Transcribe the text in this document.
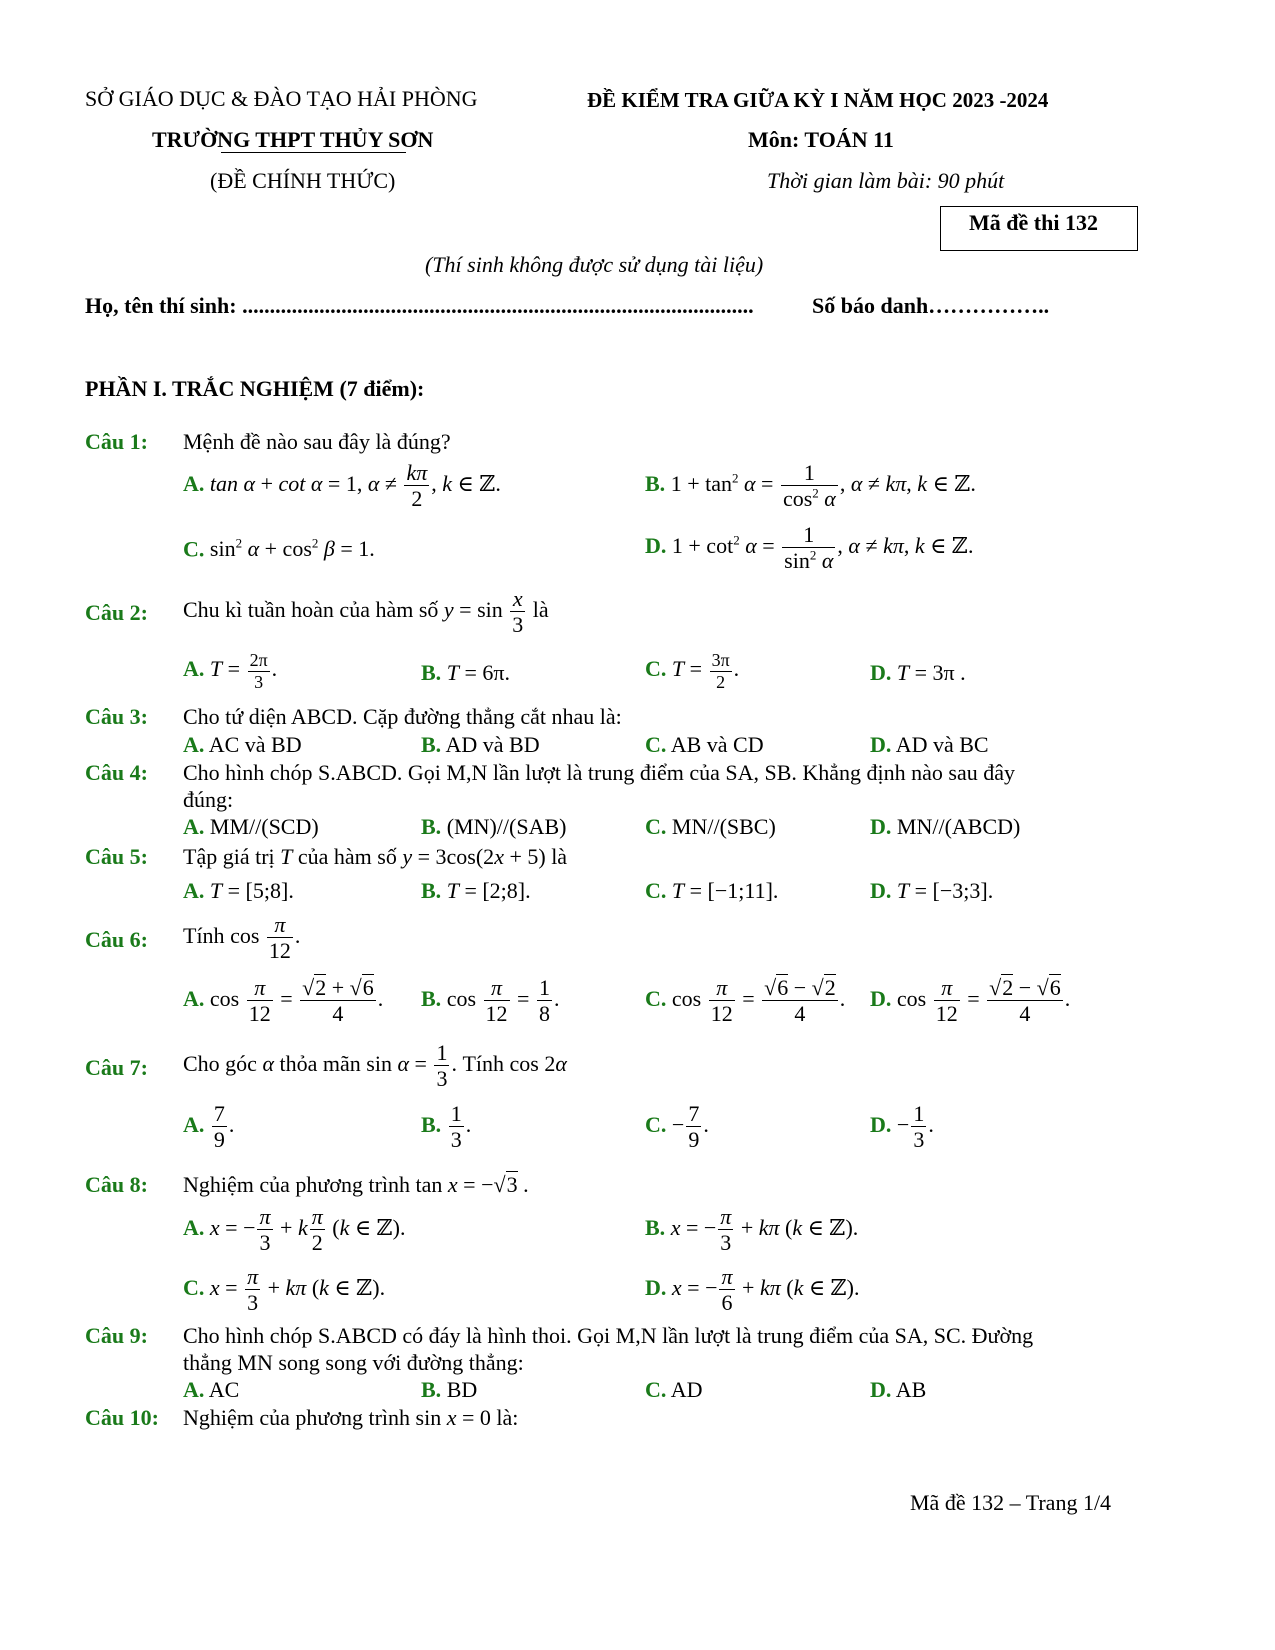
SỞ GIÁO DỤC & ĐÀO TẠO HẢI PHÒNG	ĐỀ KIỂM TRA GIỮA KỲ I NĂM HỌC 2023 -2024
TRƯỜNG THPT THỦY SƠN	Môn: TOÁN 11
(ĐỀ CHÍNH THỨC)	Thời gian làm bài: 90 phút
Mã đề thi 132
(Thí sinh không được sử dụng tài liệu)
Họ, tên thí sinh: .............................................................................................	Số báo danh……………..
PHẦN I. TRẮC NGHIỆM (7 điểm):
Câu 1: Mệnh đề nào sau đây là đúng?
A. tan α + cot α = 1, $\alpha \ne \frac{k\pi}{2}$ , k ∈ ℤ.	B. $1 + \tan^2 \alpha = \frac{1}{\cos^2 \alpha}$ , α ≠ kπ, k ∈ ℤ.
C. $\sin^2 \alpha + \cos^2 \beta = 1$.	D. $1 + \cot^2 \alpha = \frac{1}{\sin^2 \alpha}$ , α ≠ kπ, k ∈ ℤ.
Câu 2: Chu kì tuần hoàn của hàm số $y = \sin \frac{x}{3}$ là
A. $T = \frac{2\pi}{3}$ .	B. T = 6π.	C. $T = \frac{3\pi}{2}$ .	D. T = 3π .
Câu 3: Cho tứ diện ABCD. Cặp đường thẳng cắt nhau là:
A. AC và BD	B. AD và BD	C. AB và CD	D. AD và BC
Câu 4: Cho hình chóp S.ABCD. Gọi M,N lần lượt là trung điểm của SA, SB. Khẳng định nào sau đây
đúng:
A. MM//(SCD)	B. (MN)//(SAB)	C. MN//(SBC)	D. MN//(ABCD)
Câu 5: Tập giá trị T của hàm số y = 3cos(2x + 5) là
A. T = [5;8].	B. T = [2;8].	C. T = [−1;11].	D. T = [−3;3].
Câu 6: Tính $\cos \frac{\pi}{12}$ .
A. $\cos \frac{\pi}{12} = \frac{√2 + √6}{4}$ . B. $\cos \frac{\pi}{12} = \frac{1}{8}$ .	C. $\cos \frac{\pi}{12} = \frac{√6 - √2}{4}$ . D. $\cos \frac{\pi}{12} = \frac{√2 - √6}{4}$ .
Câu 7: Cho góc α thỏa mãn $\sin \alpha = \frac{1}{3}$ . Tính cos 2α
A. $\frac{7}{9}$ .	B. $\frac{1}{3}$ .	C. − $\frac{7}{9}$ .	D. − $\frac{1}{3}$ .
Câu 8: Nghiệm của phương trình tan x = −√3 .
A. x = − $\frac{\pi}{3} + k \frac{\pi}{2} (k$ ∈ ℤ).	B. x = − $\frac{\pi}{3} + k\pi$ (k ∈ ℤ).
C. $x = \frac{\pi}{3} + k\pi$ (k ∈ ℤ).	D. x = − $\frac{\pi}{6} + k\pi$ (k ∈ ℤ).
Câu 9: Cho hình chóp S.ABCD có đáy là hình thoi. Gọi M,N lần lượt là trung điểm của SA, SC. Đường
thẳng MN song song với đường thẳng:
A. AC	B. BD	C. AD	D. AB
Câu 10: Nghiệm của phương trình sin x = 0 là:
Mã đề 132 – Trang 1/4
